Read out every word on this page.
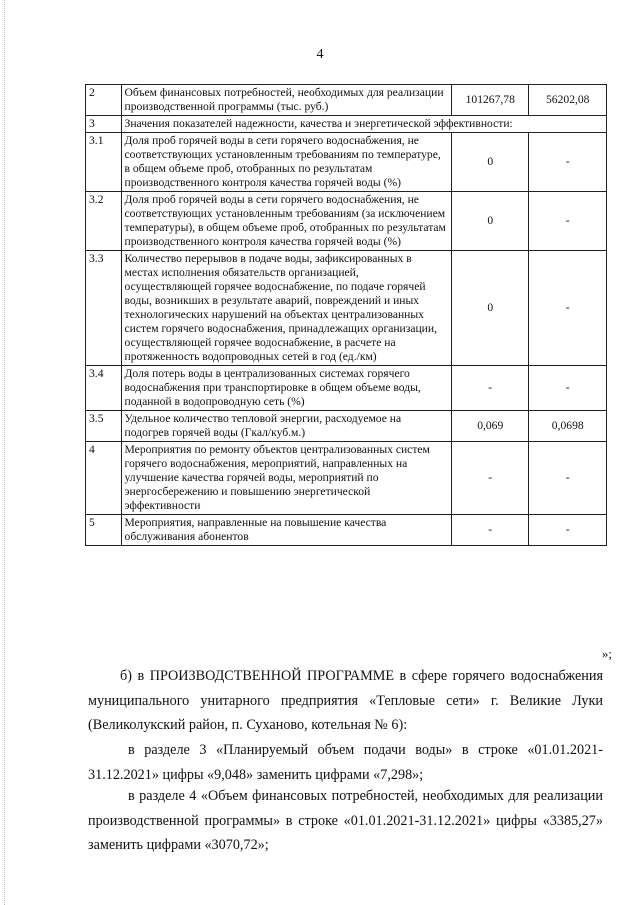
4
2	Объем финансовых потребностей, необходимых для реализации производственной программы (тыс. руб.)	101267,78	56202,08
3	Значения показателей надежности, качества и энергетической эффективности:		
3.1	Доля проб горячей воды в сети горячего водоснабжения, не соответствующих установленным требованиям по температуре, в общем объеме проб, отобранных по результатам производственного контроля качества горячей воды (%)	0	-
3.2	Доля проб горячей воды в сети горячего водоснабжения, не соответствующих установленным требованиям (за исключением температуры), в общем объеме проб, отобранных по результатам производственного контроля качества горячей воды (%)	0	-
3.3	Количество перерывов в подаче воды, зафиксированных в местах исполнения обязательств организацией, осуществляющей горячее водоснабжение, по подаче горячей воды, возникших в результате аварий, повреждений и иных технологических нарушений на объектах централизованных систем горячего водоснабжения, принадлежащих организации, осуществляющей горячее водоснабжение, в расчете на протяженность водопроводных сетей в год (ед./км)	0	-
3.4	Доля потерь воды в централизованных системах горячего водоснабжения при транспортировке в общем объеме воды, поданной в водопроводную сеть (%)	-	-
3.5	Удельное количество тепловой энергии, расходуемое на подогрев горячей воды (Гкал/куб.м.)	0,069	0,0698
4	Мероприятия по ремонту объектов централизованных систем горячего водоснабжения, мероприятий, направленных на улучшение качества горячей воды, мероприятий по энергосбережению и повышению энергетической эффективности	-	-
5	Мероприятия, направленные на повышение качества обслуживания абонентов	-	-
»;
б) в ПРОИЗВОДСТВЕННОЙ ПРОГРАММЕ в сфере горячего водоснабжения муниципального унитарного предприятия «Тепловые сети» г. Великие Луки (Великолукский район, п. Суханово, котельная № 6):
в разделе 3 «Планируемый объем подачи воды» в строке «01.01.2021-31.12.2021» цифры «9,048» заменить цифрами «7,298»;
в разделе 4 «Объем финансовых потребностей, необходимых для реализации производственной программы» в строке «01.01.2021-31.12.2021» цифры «3385,27» заменить цифрами «3070,72»;
